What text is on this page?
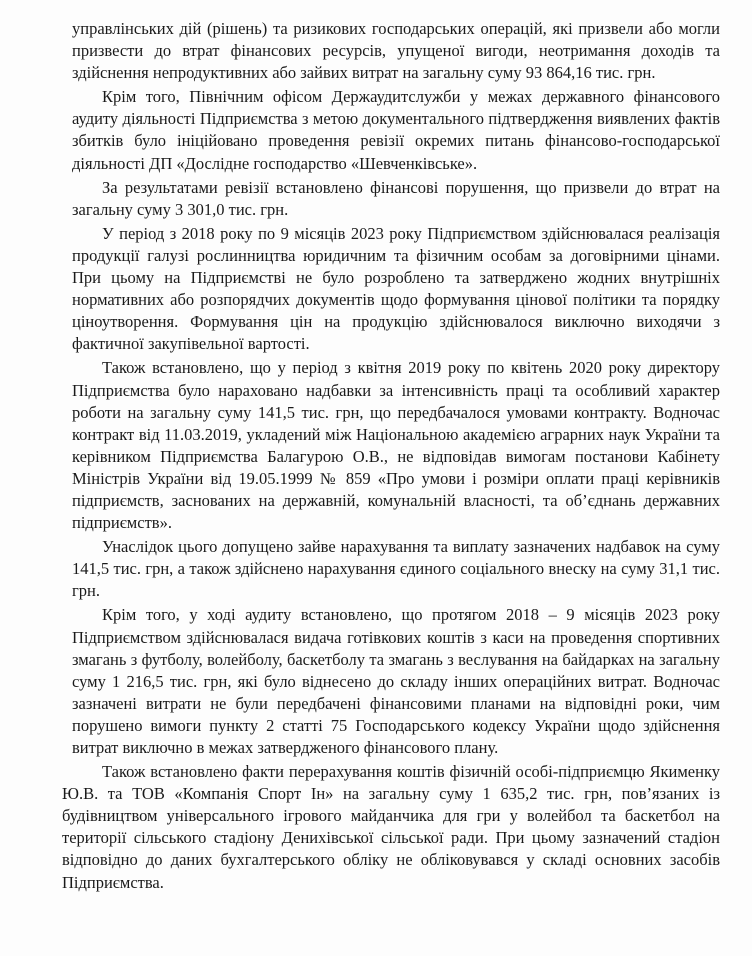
управлінських дій (рішень) та ризикових господарських операцій, які призвели або могли призвести до втрат фінансових ресурсів, упущеної вигоди, неотримання доходів та здійснення непродуктивних або зайвих витрат на загальну суму 93 864,16 тис. грн.

Крім того, Північним офісом Держаудитслужби у межах державного фінансового аудиту діяльності Підприємства з метою документального підтвердження виявлених фактів збитків було ініційовано проведення ревізії окремих питань фінансово-господарської діяльності ДП «Дослідне господарство «Шевченківське».

За результатами ревізії встановлено фінансові порушення, що призвели до втрат на загальну суму 3 301,0 тис. грн.

У період з 2018 року по 9 місяців 2023 року Підприємством здійснювалася реалізація продукції галузі рослинництва юридичним та фізичним особам за договірними цінами. При цьому на Підприємстві не було розроблено та затверджено жодних внутрішніх нормативних або розпорядчих документів щодо формування цінової політики та порядку ціноутворення. Формування цін на продукцію здійснювалося виключно виходячи з фактичної закупівельної вартості.

Також встановлено, що у період з квітня 2019 року по квітень 2020 року директору Підприємства було нараховано надбавки за інтенсивність праці та особливий характер роботи на загальну суму 141,5 тис. грн, що передбачалося умовами контракту. Водночас контракт від 11.03.2019, укладений між Національною академією аграрних наук України та керівником Підприємства Балагурою О.В., не відповідав вимогам постанови Кабінету Міністрів України від 19.05.1999 № 859 «Про умови і розміри оплати праці керівників підприємств, заснованих на державній, комунальній власності, та об’єднань державних підприємств».

Унаслідок цього допущено зайве нарахування та виплату зазначених надбавок на суму 141,5 тис. грн, а також здійснено нарахування єдиного соціального внеску на суму 31,1 тис. грн.

Крім того, у ході аудиту встановлено, що протягом 2018 – 9 місяців 2023 року Підприємством здійснювалася видача готівкових коштів з каси на проведення спортивних змагань з футболу, волейболу, баскетболу та змагань з веслування на байдарках на загальну суму 1 216,5 тис. грн, які було віднесено до складу інших операційних витрат. Водночас зазначені витрати не були передбачені фінансовими планами на відповідні роки, чим порушено вимоги пункту 2 статті 75 Господарського кодексу України щодо здійснення витрат виключно в межах затвердженого фінансового плану.

Також встановлено факти перерахування коштів фізичній особі-підприємцю Якименку Ю.В. та ТОВ «Компанія Спорт Ін» на загальну суму 1 635,2 тис. грн, пов’язаних із будівництвом універсального ігрового майданчика для гри у волейбол та баскетбол на території сільського стадіону Денихівської сільської ради. При цьому зазначений стадіон відповідно до даних бухгалтерського обліку не обліковувався у складі основних засобів Підприємства.
